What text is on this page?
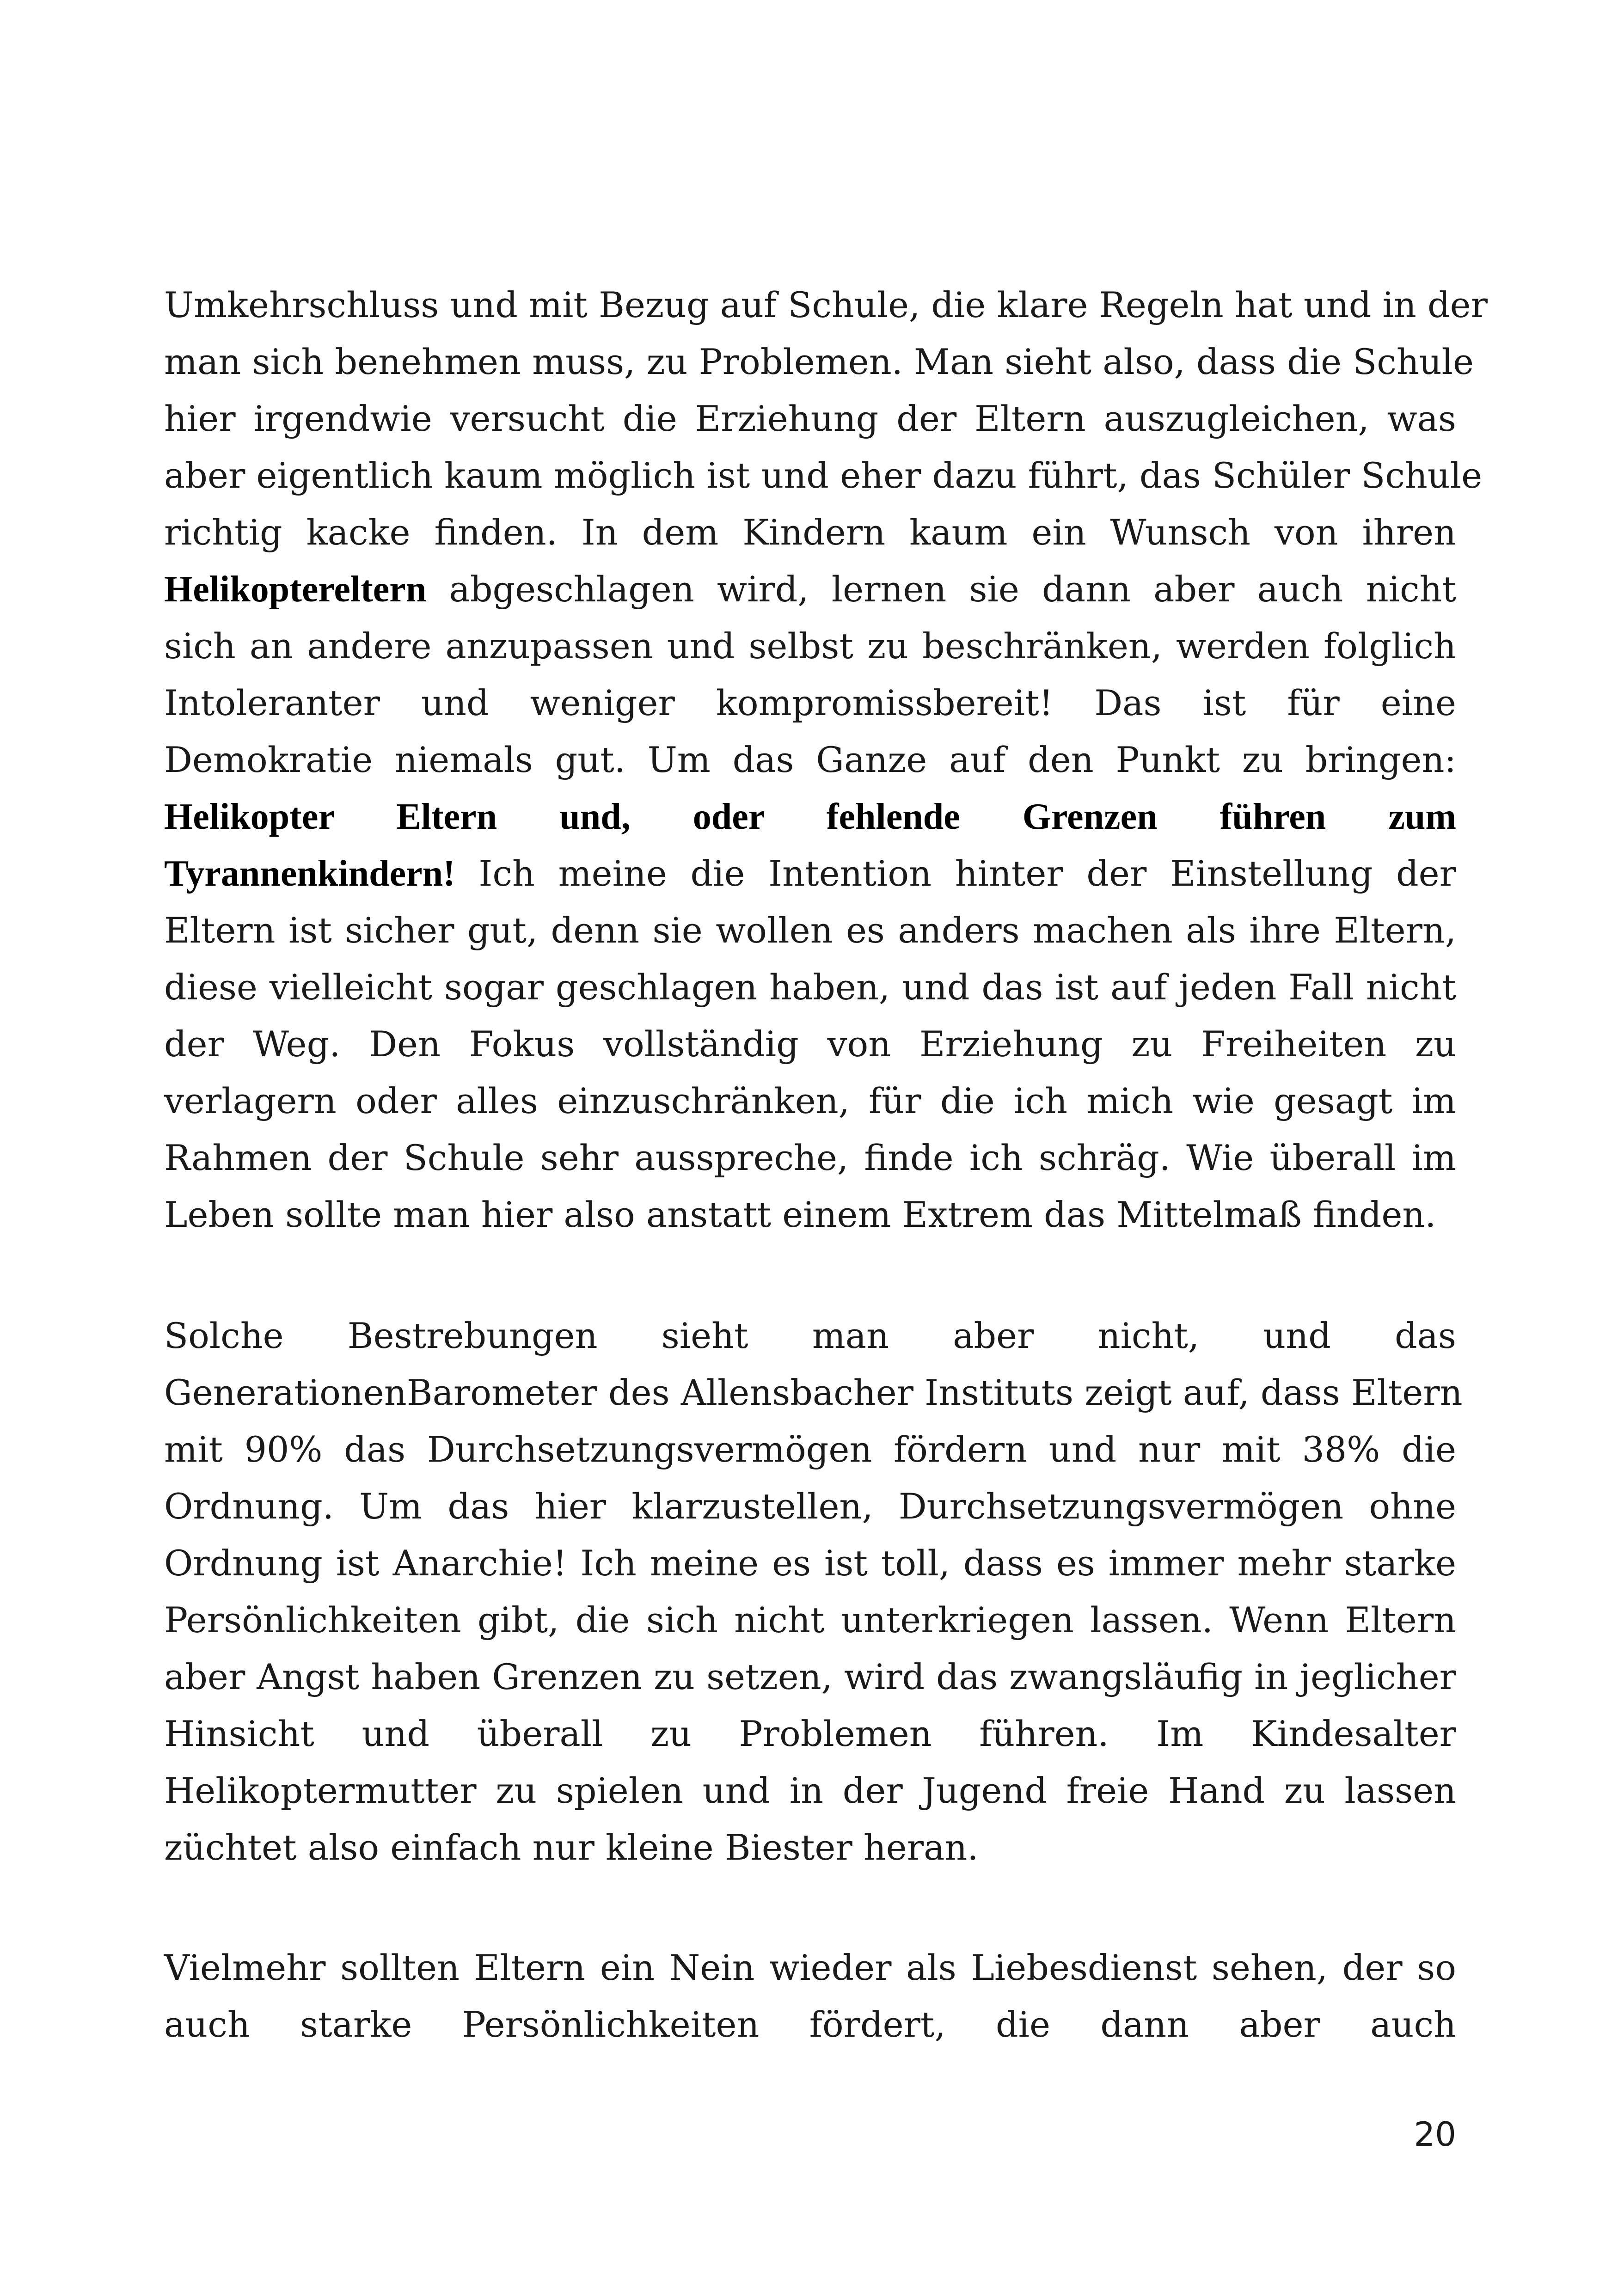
Umkehrschluss und mit Bezug auf Schule, die klare Regeln hat und in der
man sich benehmen muss, zu Problemen. Man sieht also, dass die Schule
hier irgendwie versucht die Erziehung der Eltern auszugleichen, was
aber eigentlich kaum möglich ist und eher dazu führt, das Schüler Schule
richtig kacke finden. In dem Kindern kaum ein Wunsch von ihren
Helikoptereltern abgeschlagen wird, lernen sie dann aber auch nicht
sich an andere anzupassen und selbst zu beschränken, werden folglich
Intoleranter und weniger kompromissbereit! Das ist für eine
Demokratie niemals gut. Um das Ganze auf den Punkt zu bringen:
Helikopter Eltern und, oder fehlende Grenzen führen zum
Tyrannenkindern! Ich meine die Intention hinter der Einstellung der
Eltern ist sicher gut, denn sie wollen es anders machen als ihre Eltern,
diese vielleicht sogar geschlagen haben, und das ist auf jeden Fall nicht
der Weg. Den Fokus vollständig von Erziehung zu Freiheiten zu
verlagern oder alles einzuschränken, für die ich mich wie gesagt im
Rahmen der Schule sehr ausspreche, finde ich schräg. Wie überall im
Leben sollte man hier also anstatt einem Extrem das Mittelmaß finden.
Solche Bestrebungen sieht man aber nicht, und das
GenerationenBarometer des Allensbacher Instituts zeigt auf, dass Eltern
mit 90% das Durchsetzungsvermögen fördern und nur mit 38% die
Ordnung. Um das hier klarzustellen, Durchsetzungsvermögen ohne
Ordnung ist Anarchie! Ich meine es ist toll, dass es immer mehr starke
Persönlichkeiten gibt, die sich nicht unterkriegen lassen. Wenn Eltern
aber Angst haben Grenzen zu setzen, wird das zwangsläufig in jeglicher
Hinsicht und überall zu Problemen führen. Im Kindesalter
Helikoptermutter zu spielen und in der Jugend freie Hand zu lassen
züchtet also einfach nur kleine Biester heran.
Vielmehr sollten Eltern ein Nein wieder als Liebesdienst sehen, der so
auch starke Persönlichkeiten fördert, die dann aber auch
20
